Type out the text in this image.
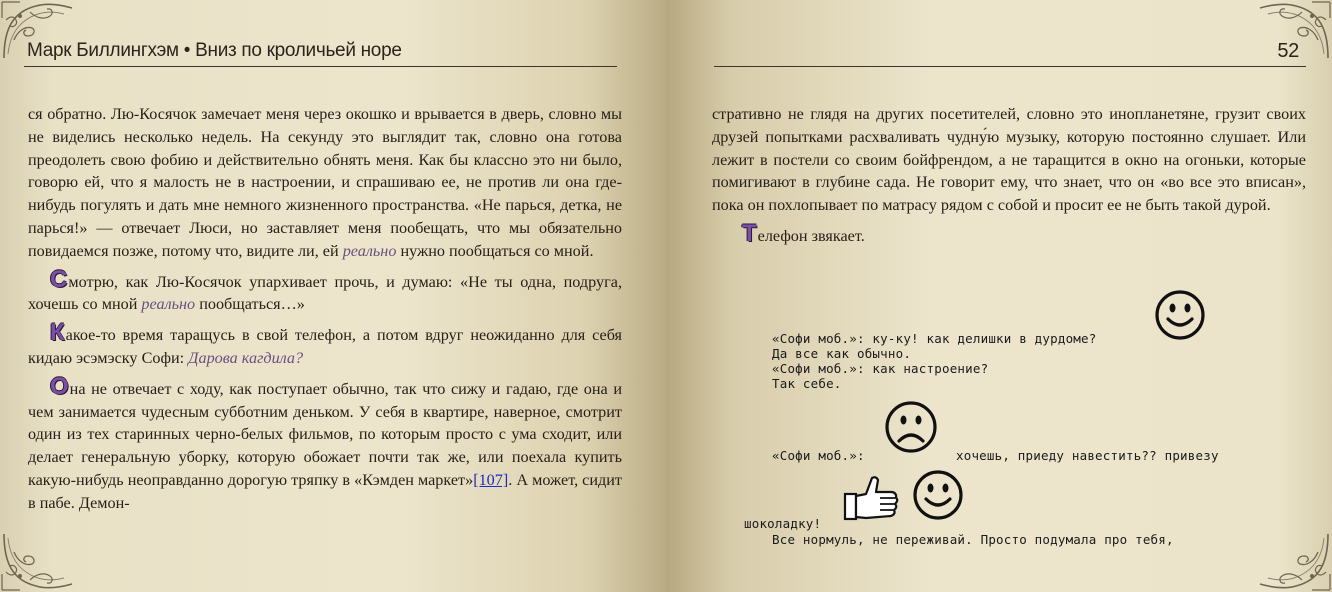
Марк Биллингхэм • Вниз по кроличьей норе

ся обратно. Лю-Косячок замечает меня через окошко и врывается в дверь, словно мы не виделись несколько недель. На секунду это выглядит так, словно она готова преодолеть свою фобию и действительно обнять меня. Как бы классно это ни было, говорю ей, что я малость не в настроении, и спрашиваю ее, не против ли она где-нибудь погулять и дать мне немного жизненного пространства. «Не парься, детка, не парься!» — отвечает Люси, но заставляет меня пообещать, что мы обязательно повидаемся позже, потому что, видите ли, ей реально нужно пообщаться со мной.

Смотрю, как Лю-Косячок упархивает прочь, и думаю: «Не ты одна, подруга, хочешь со мной реально пообщаться…»

Какое-то время таращусь в свой телефон, а потом вдруг неожиданно для себя кидаю эсэмэску Софи: Дарова кагдила?

Она не отвечает с ходу, как поступает обычно, так что сижу и гадаю, где она и чем занимается чудесным субботним деньком. У себя в квартире, наверное, смотрит один из тех старинных черно-белых фильмов, по которым просто с ума сходит, или делает генеральную уборку, которую обожает почти так же, или поехала купить какую-нибудь неоправданно дорогую тряпку в «Кэмден маркет»[107]. А может, сидит в пабе. Демон-

52

стративно не глядя на других посетителей, словно это инопланетяне, грузит своих друзей попытками расхваливать чудну́ю музыку, которую постоянно слушает. Или лежит в постели со своим бойфрендом, а не таращится в окно на огоньки, которые помигивают в глубине сада. Не говорит ему, что знает, что он «во все это вписан», пока он похлопывает по матрасу рядом с собой и просит ее не быть такой дурой.

Телефон звякает.

«Софи моб.»: ку-ку! как делишки в дурдоме?
Да все как обычно.
«Софи моб.»: как настроение?
Так себе.
«Софи моб.»:	хочешь, приеду навестить?? привезу
шоколадку!
Все нормуль, не переживай. Просто подумала про тебя,
